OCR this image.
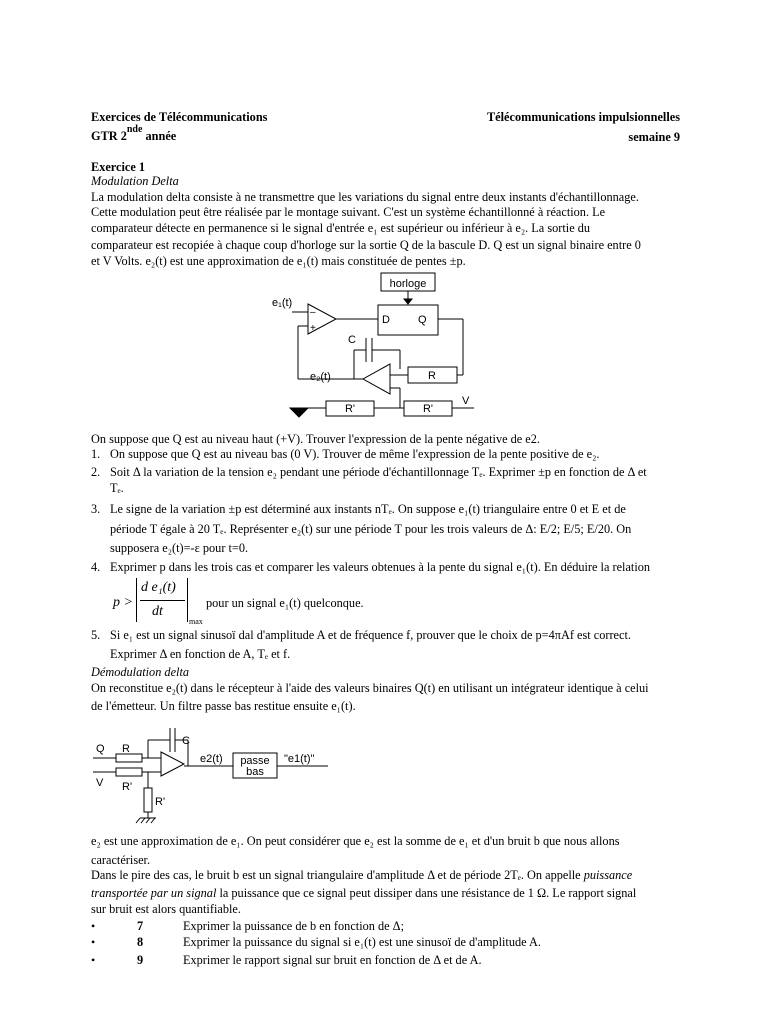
Exercices de Télécommunications
GTR 2nde année
Télécommunications impulsionnelles
semaine 9
Exercice 1
Modulation Delta
La modulation delta consiste à ne transmettre que les variations du signal entre deux instants d'échantillonnage.
Cette modulation peut être réalisée par le montage suivant. C'est un système échantillonné à réaction. Le
comparateur détecte en permanence si le signal d'entrée e₁ est supérieur ou inférieur à e₂. La sortie du
comparateur est recopiée à chaque coup d'horloge sur la sortie Q de la bascule D. Q est un signal binaire entre 0
et V Volts. e₂(t) est une approximation de e₁(t) mais constituée de pentes ±p.
horloge
e₁(t)
D	Q
C
e₂(t)	R
R'	R'
V
–
+
On suppose que Q est au niveau haut (+V). Trouver l'expression de la pente négative de e2.
1. On suppose que Q est au niveau bas (0 V). Trouver de même l'expression de la pente positive de e₂.
2. Soit Δ la variation de la tension e₂ pendant une période d'échantillonnage Tₑ. Exprimer ±p en fonction de Δ et
Tₑ.
3. Le signe de la variation ±p est déterminé aux instants nTₑ. On suppose e₁(t) triangulaire entre 0 et E et de
période T égale à 20 Tₑ. Représenter e₂(t) sur une période T pour les trois valeurs de Δ: E/2; E/5; E/20. On
supposera e₂(t)=-ε pour t=0.
4. Exprimer p dans les trois cas et comparer les valeurs obtenues à la pente du signal e₁(t). En déduire la relation
p >
d e₁(t)
dt
max
pour un signal e₁(t) quelconque.
5. Si e₁ est un signal sinusoï dal d'amplitude A et de fréquence f, prouver que le choix de p=4πAf est correct.
Exprimer Δ en fonction de A, Tₑ et f.
Démodulation delta
On reconstitue e₂(t) dans le récepteur à l'aide des valeurs binaires Q(t) en utilisant un intégrateur identique à celui
de l'émetteur. Un filtre passe bas restitue ensuite e₁(t).
C
Q R
V R'
R'
e2(t) passe
bas
"e1(t)"
e₂ est une approximation de e₁. On peut considérer que e₂ est la somme de e₁ et d'un bruit b que nous allons
caractériser.
Dans le pire des cas, le bruit b est un signal triangulaire d'amplitude Δ et de période 2Tₑ. On appelle puissance
transportée par un signal la puissance que ce signal peut dissiper dans une résistance de 1 Ω. Le rapport signal
sur bruit est alors quantifiable.
•	7	Exprimer la puissance de b en fonction de Δ;
•	8	Exprimer la puissance du signal si e₁(t) est une sinusoï de d'amplitude A.
•	9	Exprimer le rapport signal sur bruit en fonction de Δ et de A.
